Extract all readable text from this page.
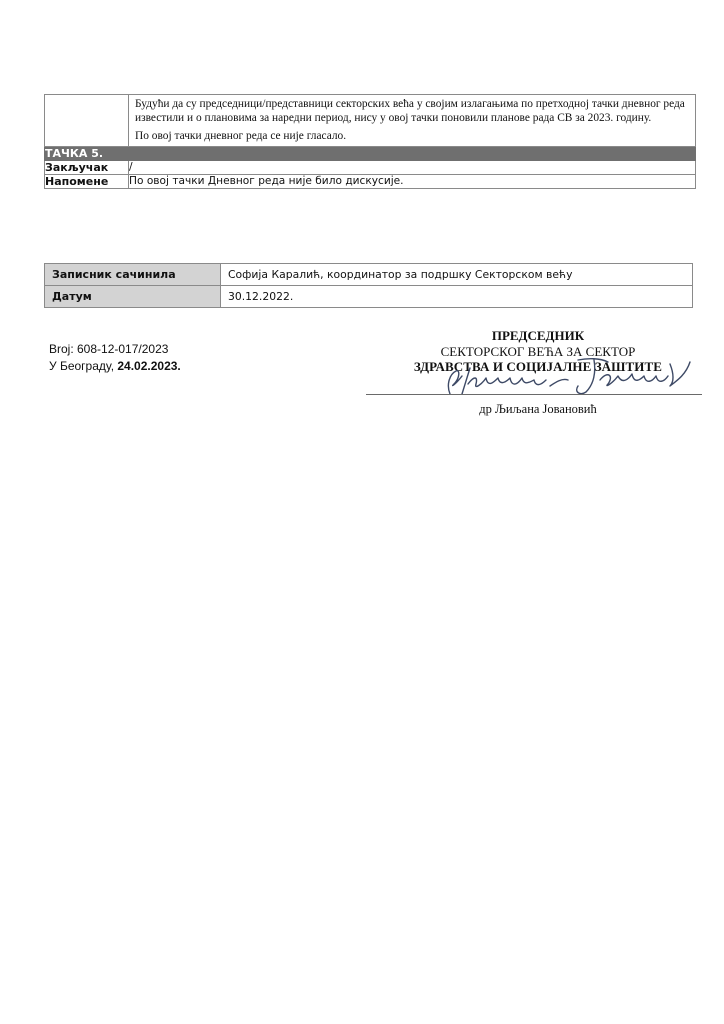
	Будући да су председници/представници секторских већа у својим излагањима по претходној тачки дневног реда известили и о плановима за наредни период, нису у овој тачки поновили планове рада СВ за 2023. годину.

По овој тачки дневног реда се није гласало.

ТАЧКА 5.	
Закључак	/
Напомене	По овој тачки Дневног реда није било дискусије.
Записник сачинила	Софија Каралић, координатор за подршку Секторском већу
Датум	30.12.2022.
Broj: 608-12-017/2023
У Београду, 24.02.2023.
ПРЕДСЕДНИК
СЕКТОРСКОГ ВЕЋА ЗА СЕКТОР
ЗДРАВСТВА И СОЦИЈАЛНЕ ЗАШТИТЕ
др Љиљана Јовановић
др Љиљана Јовановић
